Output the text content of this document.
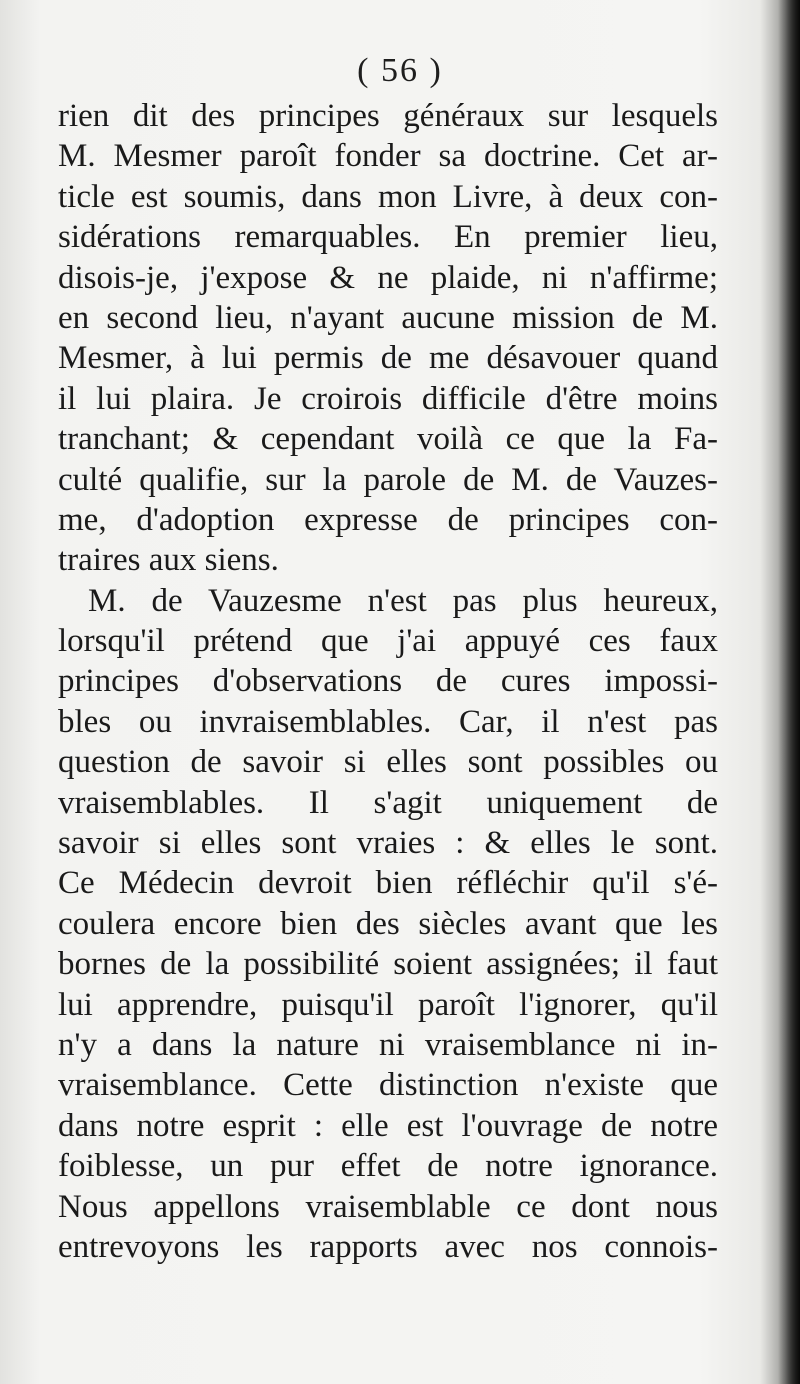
( 56 )
rien dit des principes généraux sur lesquels
M. Mesmer paroît fonder sa doctrine. Cet ar-
ticle est soumis, dans mon Livre, à deux con-
sidérations remarquables. En premier lieu,
disois-je, j'expose & ne plaide, ni n'affirme;
en second lieu, n'ayant aucune mission de M.
Mesmer, à lui permis de me désavouer quand
il lui plaira. Je croirois difficile d'être moins
tranchant; & cependant voilà ce que la Fa-
culté qualifie, sur la parole de M. de Vauzes-
me, d'adoption expresse de principes con-
traires aux siens.
M. de Vauzesme n'est pas plus heureux,
lorsqu'il prétend que j'ai appuyé ces faux
principes d'observations de cures impossi-
bles ou invraisemblables. Car, il n'est pas
question de savoir si elles sont possibles ou
vraisemblables. Il s'agit uniquement de
savoir si elles sont vraies : & elles le sont.
Ce Médecin devroit bien réfléchir qu'il s'é-
coulera encore bien des siècles avant que les
bornes de la possibilité soient assignées; il faut
lui apprendre, puisqu'il paroît l'ignorer, qu'il
n'y a dans la nature ni vraisemblance ni in-
vraisemblance. Cette distinction n'existe que
dans notre esprit : elle est l'ouvrage de notre
foiblesse, un pur effet de notre ignorance.
Nous appellons vraisemblable ce dont nous
entrevoyons les rapports avec nos connois-
